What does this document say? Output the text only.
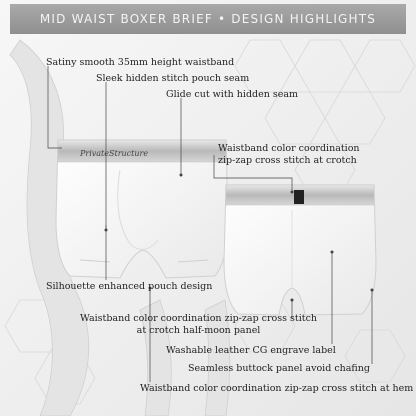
PrivateStructure
MID WAIST BOXER BRIEF • DESIGN HIGHLIGHTS
Satiny smooth 35mm height waistband
Sleek hidden stitch pouch seam
Glide cut with hidden seam
Waistband color coordination
zip-zap cross stitch at crotch
Silhouette enhanced pouch design
Waistband color coordination zip-zap cross stitch
at crotch half-moon panel
Washable leather CG engrave label
Seamless buttock panel avoid chafing
Waistband color coordination zip-zap cross stitch at hem
